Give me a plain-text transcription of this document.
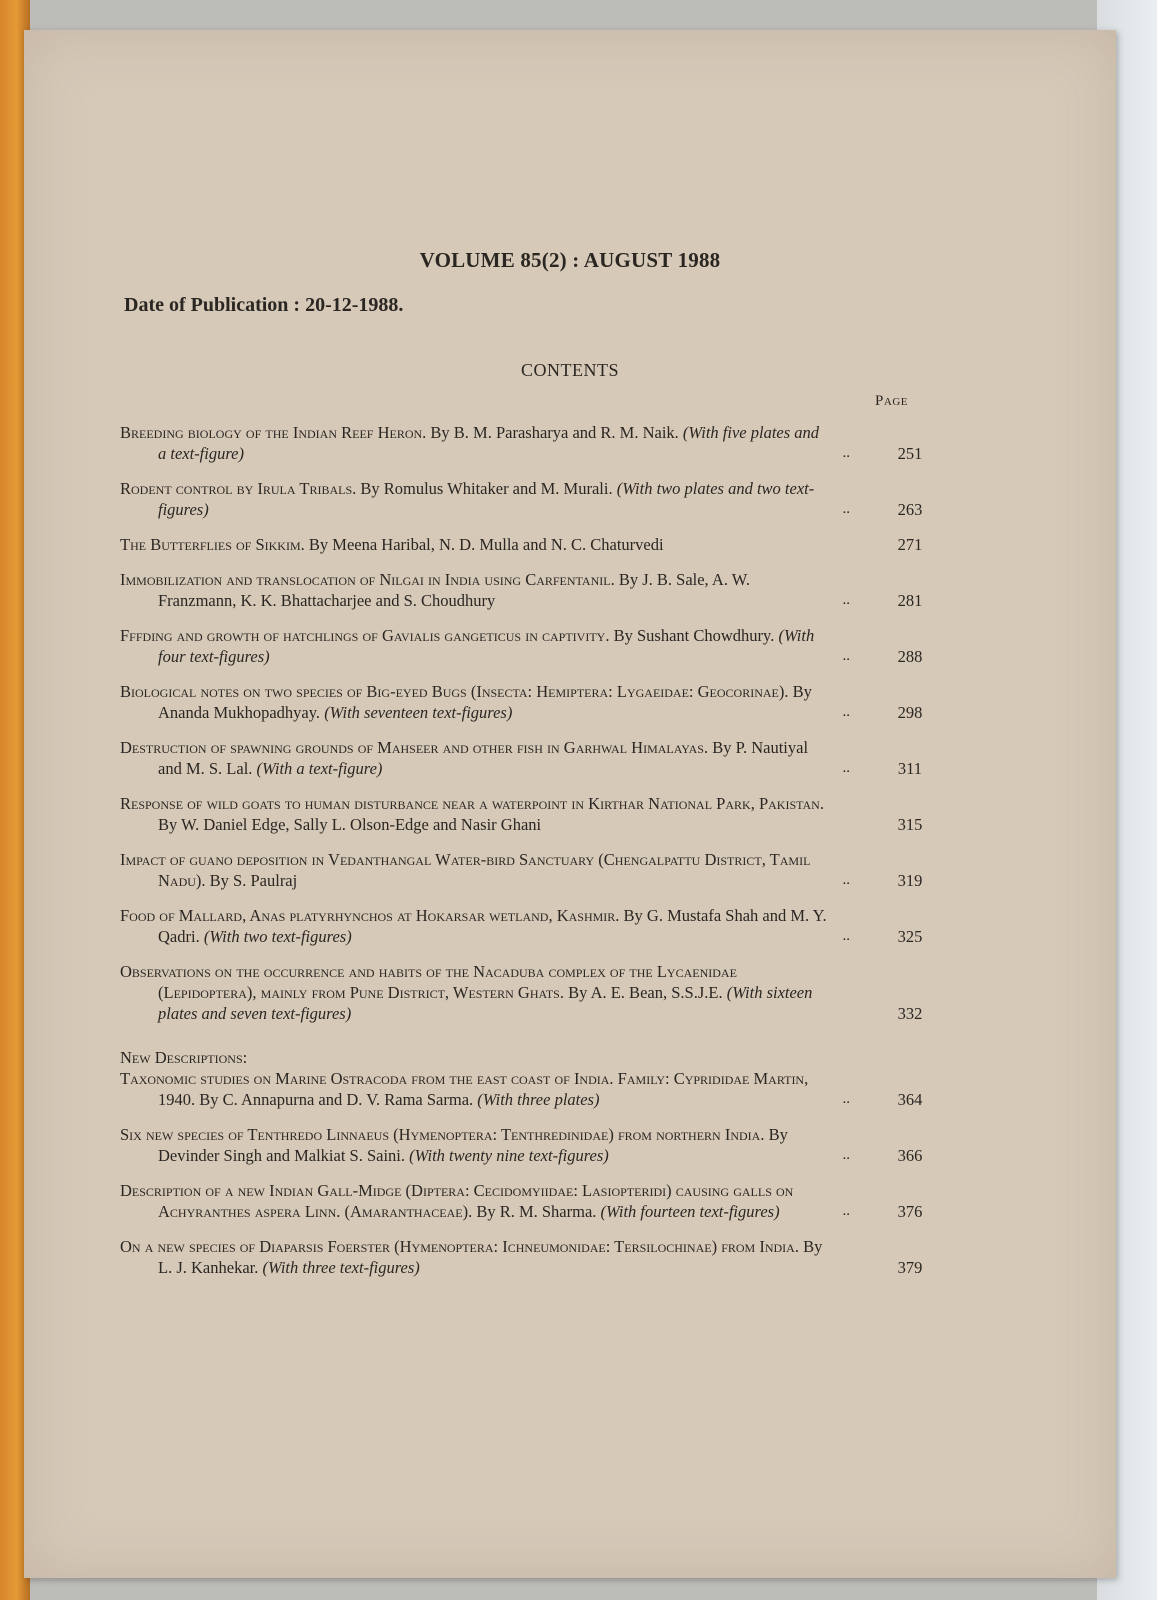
VOLUME 85(2) : AUGUST 1988
Date of Publication : 20-12-1988.
CONTENTS
Page
Breeding biology of the Indian Reef Heron. By B. M. Parasharya and R. M. Naik. (With five plates and a text-figure)	..	251
Rodent control by Irula Tribals. By Romulus Whitaker and M. Murali. (With two plates and two text-figures)	..	263
The Butterflies of Sikkim. By Meena Haribal, N. D. Mulla and N. C. Chaturvedi	271
Immobilization and translocation of Nilgai in India using Carfentanil. By J. B. Sale, A. W. Franzmann, K. K. Bhattacharjee and S. Choudhury	..	281
Fffding and growth of hatchlings of Gavialis gangeticus in captivity. By Sushant Chowdhury. (With four text-figures)	..	288
Biological notes on two species of Big-eyed Bugs (Insecta: Hemiptera: Lygaeidae: Geocorinae). By Ananda Mukhopadhyay. (With seventeen text-figures)	..	298
Destruction of spawning grounds of Mahseer and other fish in Garhwal Himalayas. By P. Nautiyal and M. S. Lal. (With a text-figure)	..	311
Response of wild goats to human disturbance near a waterpoint in Kirthar National Park, Pakistan. By W. Daniel Edge, Sally L. Olson-Edge and Nasir Ghani	315
Impact of guano deposition in Vedanthangal Water-bird Sanctuary (Chengalpattu District, Tamil Nadu). By S. Paulraj	..	319
Food of Mallard, Anas platyrhynchos at Hokarsar wetland, Kashmir. By G. Mustafa Shah and M. Y. Qadri. (With two text-figures)	..	325
Observations on the occurrence and habits of the Nacaduba complex of the Lycaenidae (Lepidoptera), mainly from Pune District, Western Ghats. By A. E. Bean, S.S.J.E. (With sixteen plates and seven text-figures)	332
New Descriptions:
Taxonomic studies on Marine Ostracoda from the east coast of India. Family: Cyprididae Martin, 1940. By C. Annapurna and D. V. Rama Sarma. (With three plates)	..	364
Six new species of Tenthredo Linnaeus (Hymenoptera: Tenthredinidae) from northern India. By Devinder Singh and Malkiat S. Saini. (With twenty nine text-figures)	..	366
Description of a new Indian Gall-Midge (Diptera: Cecidomyiidae: Lasiopteridi) causing galls on Achyranthes aspera Linn. (Amaranthaceae). By R. M. Sharma. (With fourteen text-figures)	..	376
On a new species of Diaparsis Foerster (Hymenoptera: Ichneumonidae: Tersilochinae) from India. By L. J. Kanhekar. (With three text-figures)	379
